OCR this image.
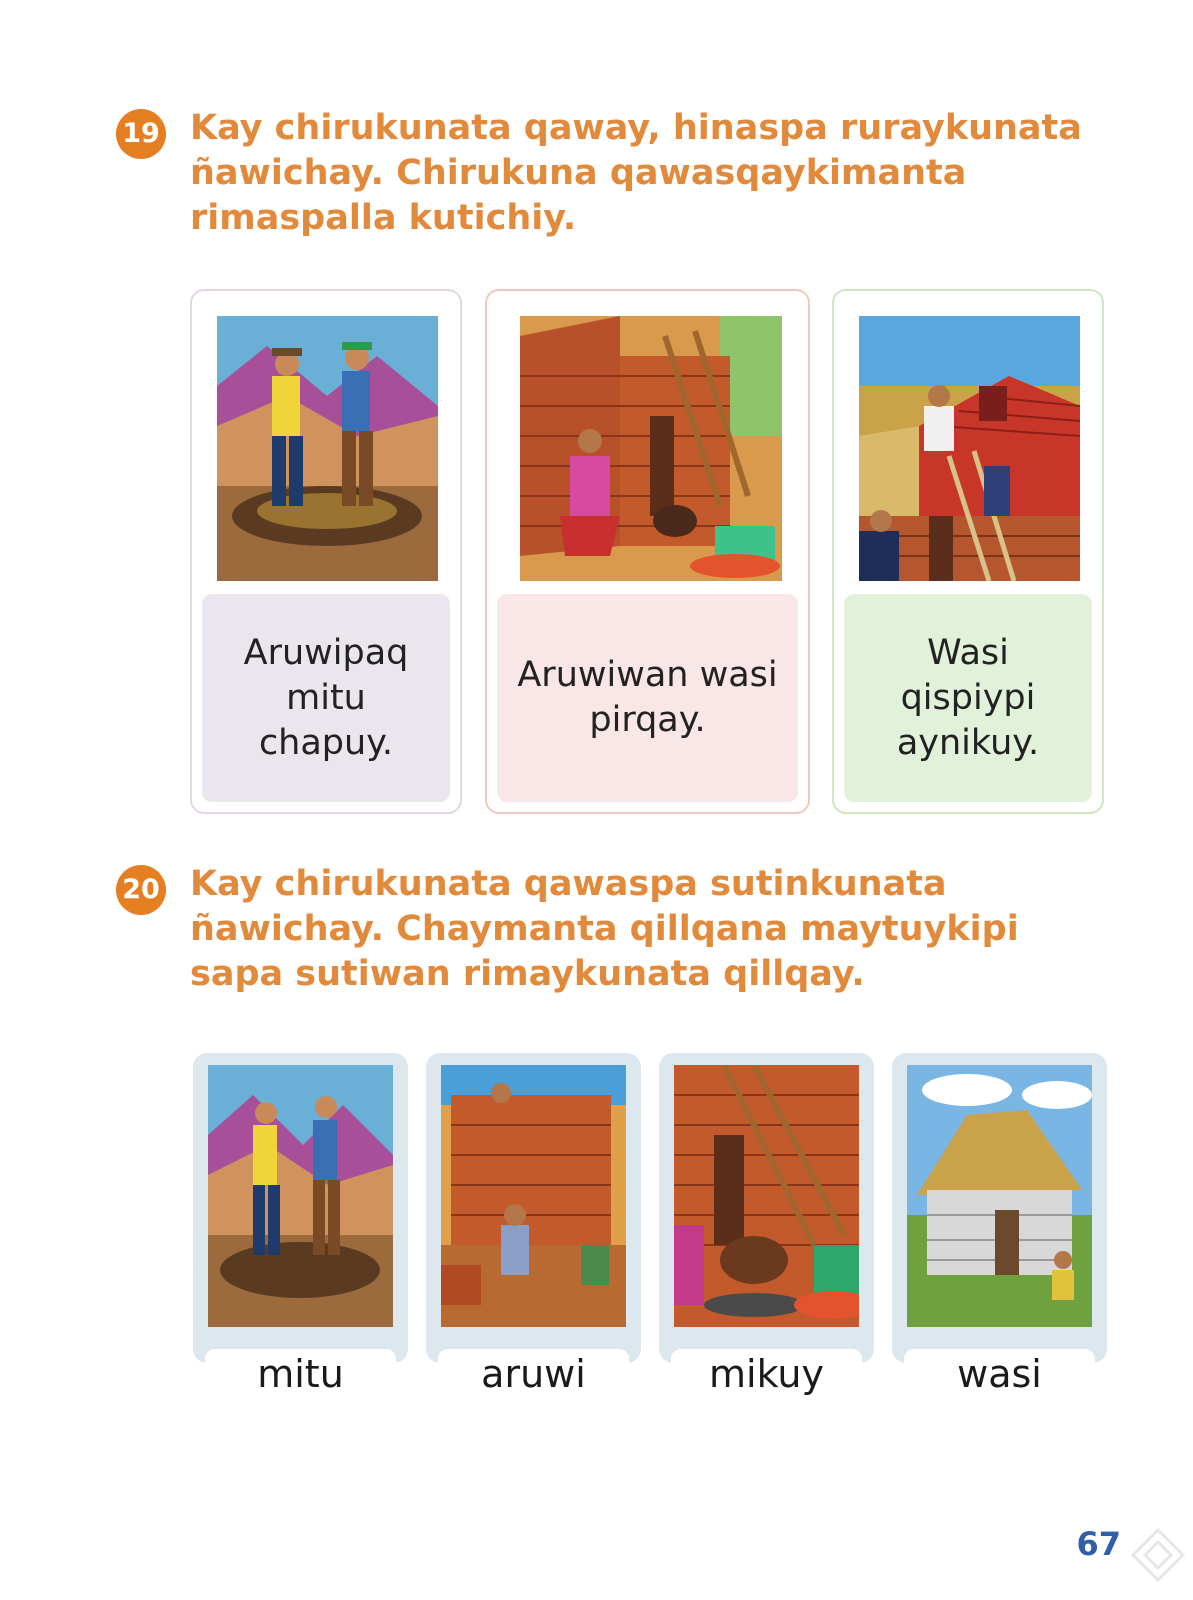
19 Kay chirukunata qaway, hinaspa ruraykunata
ñawichay. Chirukuna qawasqaykimanta
rimaspalla kutichiy.

Aruwipaq
mitu
chapuy.
Aruwiwan wasi
pirqay.
Wasi
qispiypi
aynikuy.
20 Kay chirukunata qawaspa sutinkunata
ñawichay. Chaymanta qillqana maytuykipi
sapa sutiwan rimaykunata qillqay.

mitu	aruwi	mikuy	wasi
67
